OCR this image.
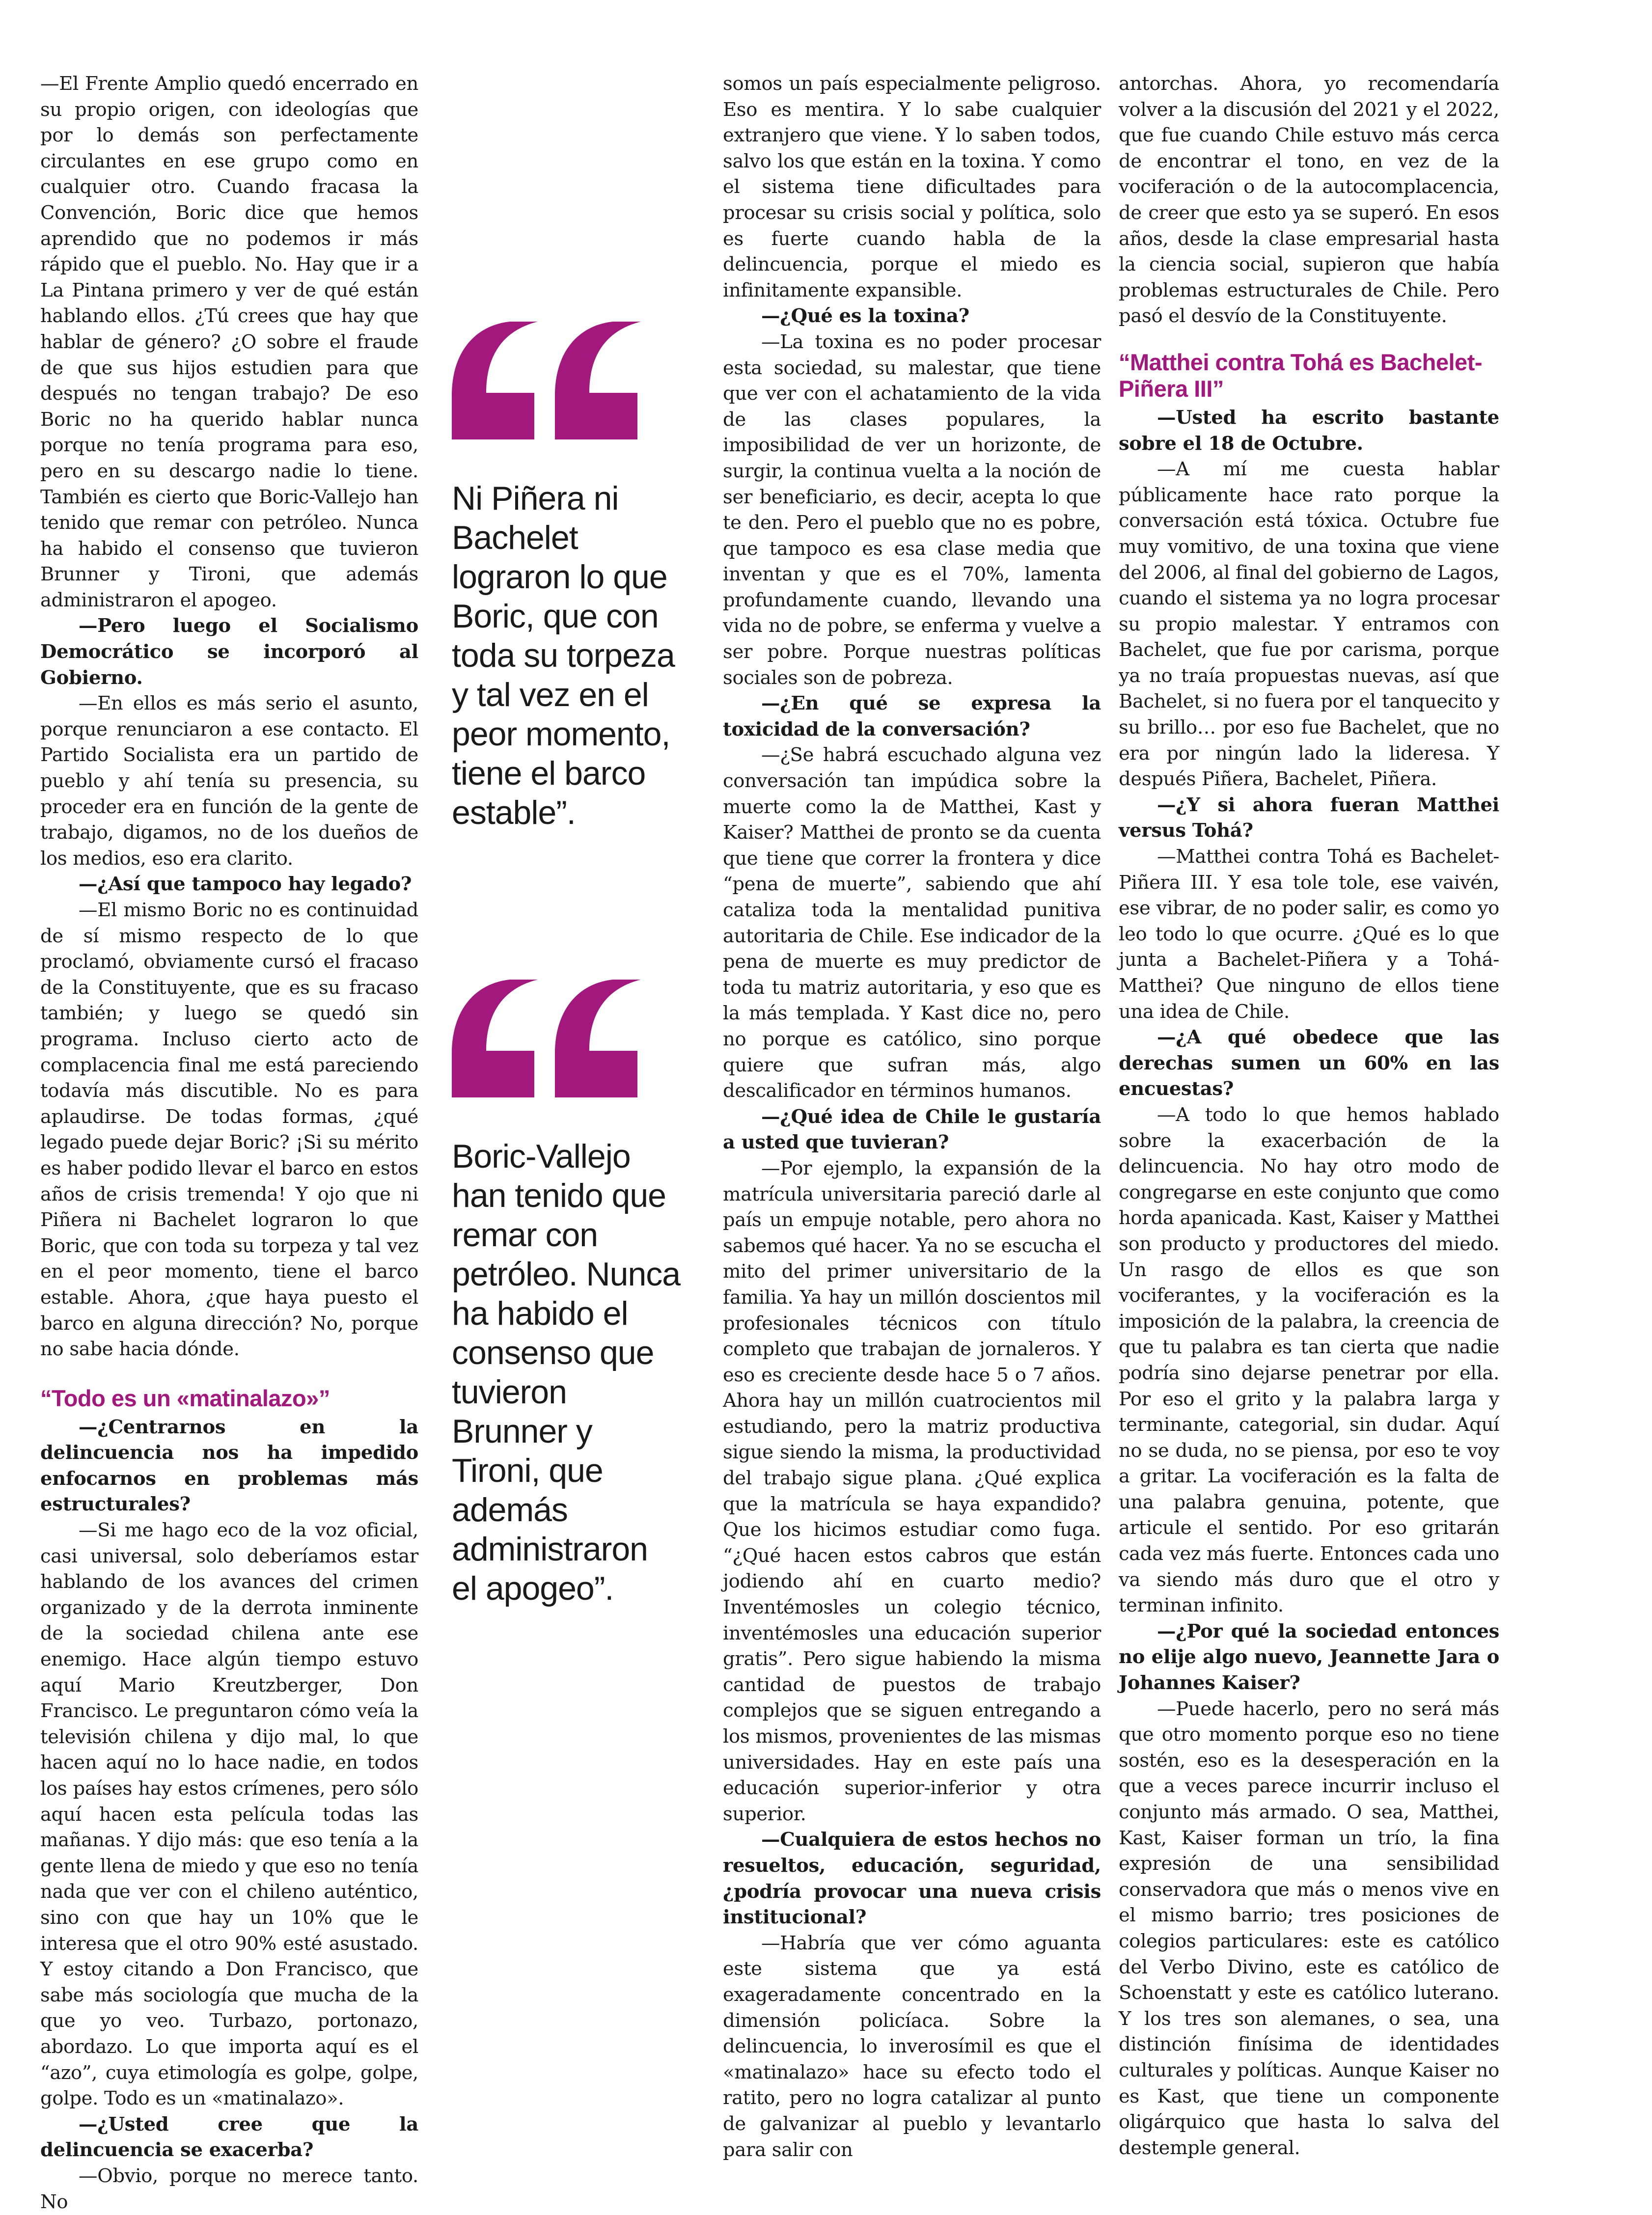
—El Frente Amplio quedó encerrado en su propio origen, con ideologías que por lo demás son perfectamente circulantes en ese grupo como en cualquier otro. Cuando fracasa la Convención, Boric dice que hemos aprendido que no podemos ir más rápido que el pueblo. No. Hay que ir a La Pintana primero y ver de qué están hablando ellos. ¿Tú crees que hay que hablar de género? ¿O sobre el fraude de que sus hijos estudien para que después no tengan trabajo? De eso Boric no ha querido hablar nunca porque no tenía programa para eso, pero en su descargo nadie lo tiene. También es cierto que Boric-Vallejo han tenido que remar con petróleo. Nunca ha habido el consenso que tuvieron Brunner y Tironi, que además administraron el apogeo.

—Pero luego el Socialismo Democrático se incorporó al Gobierno.

—En ellos es más serio el asunto, porque renunciaron a ese contacto. El Partido Socialista era un partido de pueblo y ahí tenía su presencia, su proceder era en función de la gente de trabajo, digamos, no de los dueños de los medios, eso era clarito.

—¿Así que tampoco hay legado?

—El mismo Boric no es continuidad de sí mismo respecto de lo que proclamó, obviamente cursó el fracaso de la Constituyente, que es su fracaso también; y luego se quedó sin programa. Incluso cierto acto de complacencia final me está pareciendo todavía más discutible. No es para aplaudirse. De todas formas, ¿qué legado puede dejar Boric? ¡Si su mérito es haber podido llevar el barco en estos años de crisis tremenda! Y ojo que ni Piñera ni Bachelet lograron lo que Boric, que con toda su torpeza y tal vez en el peor momento, tiene el barco estable. Ahora, ¿que haya puesto el barco en alguna dirección? No, porque no sabe hacia dónde.

“Todo es un «matinalazo»”

—¿Centrarnos en la delincuencia nos ha impedido enfocarnos en problemas más estructurales?

—Si me hago eco de la voz oficial, casi universal, solo deberíamos estar hablando de los avances del crimen organizado y de la derrota inminente de la sociedad chilena ante ese enemigo. Hace algún tiempo estuvo aquí Mario Kreutzberger, Don Francisco. Le preguntaron cómo veía la televisión chilena y dijo mal, lo que hacen aquí no lo hace nadie, en todos los países hay estos crímenes, pero sólo aquí hacen esta película todas las mañanas. Y dijo más: que eso tenía a la gente llena de miedo y que eso no tenía nada que ver con el chileno auténtico, sino con que hay un 10% que le interesa que el otro 90% esté asustado. Y estoy citando a Don Francisco, que sabe más sociología que mucha de la que yo veo. Turbazo, portonazo, abordazo. Lo que importa aquí es el “azo”, cuya etimología es golpe, golpe, golpe. Todo es un «matinalazo».

—¿Usted cree que la delincuencia se exacerba?

—Obvio, porque no merece tanto. No

Ni Piñera ni
Bachelet
lograron lo que
Boric, que con
toda su torpeza
y tal vez en el
peor momento,
tiene el barco
estable”.
Boric-Vallejo
han tenido que
remar con
petróleo. Nunca
ha habido el
consenso que
tuvieron
Brunner y
Tironi, que
además
administraron
el apogeo”.

somos un país especialmente peligroso. Eso es mentira. Y lo sabe cualquier extranjero que viene. Y lo saben todos, salvo los que están en la toxina. Y como el sistema tiene dificultades para procesar su crisis social y política, solo es fuerte cuando habla de la delincuencia, porque el miedo es infinitamente expansible.

—¿Qué es la toxina?

—La toxina es no poder procesar esta sociedad, su malestar, que tiene que ver con el achatamiento de la vida de las clases populares, la imposibilidad de ver un horizonte, de surgir, la continua vuelta a la noción de ser beneficiario, es decir, acepta lo que te den. Pero el pueblo que no es pobre, que tampoco es esa clase media que inventan y que es el 70%, lamenta profundamente cuando, llevando una vida no de pobre, se enferma y vuelve a ser pobre. Porque nuestras políticas sociales son de pobreza.

—¿En qué se expresa la toxicidad de la conversación?

—¿Se habrá escuchado alguna vez conversación tan impúdica sobre la muerte como la de Matthei, Kast y Kaiser? Matthei de pronto se da cuenta que tiene que correr la frontera y dice “pena de muerte”, sabiendo que ahí cataliza toda la mentalidad punitiva autoritaria de Chile. Ese indicador de la pena de muerte es muy predictor de toda tu matriz autoritaria, y eso que es la más templada. Y Kast dice no, pero no porque es católico, sino porque quiere que sufran más, algo descalificador en términos humanos.

—¿Qué idea de Chile le gustaría a usted que tuvieran?

—Por ejemplo, la expansión de la matrícula universitaria pareció darle al país un empuje notable, pero ahora no sabemos qué hacer. Ya no se escucha el mito del primer universitario de la familia. Ya hay un millón doscientos mil profesionales técnicos con título completo que trabajan de jornaleros. Y eso es creciente desde hace 5 o 7 años. Ahora hay un millón cuatrocientos mil estudiando, pero la matriz productiva sigue siendo la misma, la productividad del trabajo sigue plana. ¿Qué explica que la matrícula se haya expandido? Que los hicimos estudiar como fuga. “¿Qué hacen estos cabros que están jodiendo ahí en cuarto medio? Inventémosles un colegio técnico, inventémosles una educación superior gratis”. Pero sigue habiendo la misma cantidad de puestos de trabajo complejos que se siguen entregando a los mismos, provenientes de las mismas universidades. Hay en este país una educación superior-inferior y otra superior.

—Cualquiera de estos hechos no resueltos, educación, seguridad, ¿podría provocar una nueva crisis institucional?

—Habría que ver cómo aguanta este sistema que ya está exageradamente concentrado en la dimensión policíaca. Sobre la delincuencia, lo inverosímil es que el «matinalazo» hace su efecto todo el ratito, pero no logra catalizar al punto de galvanizar al pueblo y levantarlo para salir con

antorchas. Ahora, yo recomendaría volver a la discusión del 2021 y el 2022, que fue cuando Chile estuvo más cerca de encontrar el tono, en vez de la vociferación o de la autocomplacencia, de creer que esto ya se superó. En esos años, desde la clase empresarial hasta la ciencia social, supieron que había problemas estructurales de Chile. Pero pasó el desvío de la Constituyente.

“Matthei contra Tohá es Bachelet-Piñera III”

—Usted ha escrito bastante sobre el 18 de Octubre.

—A mí me cuesta hablar públicamente hace rato porque la conversación está tóxica. Octubre fue muy vomitivo, de una toxina que viene del 2006, al final del gobierno de Lagos, cuando el sistema ya no logra procesar su propio malestar. Y entramos con Bachelet, que fue por carisma, porque ya no traía propuestas nuevas, así que Bachelet, si no fuera por el tanquecito y su brillo… por eso fue Bachelet, que no era por ningún lado la lideresa. Y después Piñera, Bachelet, Piñera.

—¿Y si ahora fueran Matthei versus Tohá?

—Matthei contra Tohá es Bachelet-Piñera III. Y esa tole tole, ese vaivén, ese vibrar, de no poder salir, es como yo leo todo lo que ocurre. ¿Qué es lo que junta a Bachelet-Piñera y a Tohá-Matthei? Que ninguno de ellos tiene una idea de Chile.

—¿A qué obedece que las derechas sumen un 60% en las encuestas?

—A todo lo que hemos hablado sobre la exacerbación de la delincuencia. No hay otro modo de congregarse en este conjunto que como horda apanicada. Kast, Kaiser y Matthei son producto y productores del miedo. Un rasgo de ellos es que son vociferantes, y la vociferación es la imposición de la palabra, la creencia de que tu palabra es tan cierta que nadie podría sino dejarse penetrar por ella. Por eso el grito y la palabra larga y terminante, categorial, sin dudar. Aquí no se duda, no se piensa, por eso te voy a gritar. La vociferación es la falta de una palabra genuina, potente, que articule el sentido. Por eso gritarán cada vez más fuerte. Entonces cada uno va siendo más duro que el otro y terminan infinito.

—¿Por qué la sociedad entonces no elije algo nuevo, Jeannette Jara o Johannes Kaiser?

—Puede hacerlo, pero no será más que otro momento porque eso no tiene sostén, eso es la desesperación en la que a veces parece incurrir incluso el conjunto más armado. O sea, Matthei, Kast, Kaiser forman un trío, la fina expresión de una sensibilidad conservadora que más o menos vive en el mismo barrio; tres posiciones de colegios particulares: este es católico del Verbo Divino, este es católico de Schoenstatt y este es católico luterano. Y los tres son alemanes, o sea, una distinción finísima de identidades culturales y políticas. Aunque Kaiser no es Kast, que tiene un componente oligárquico que hasta lo salva del destemple general.
